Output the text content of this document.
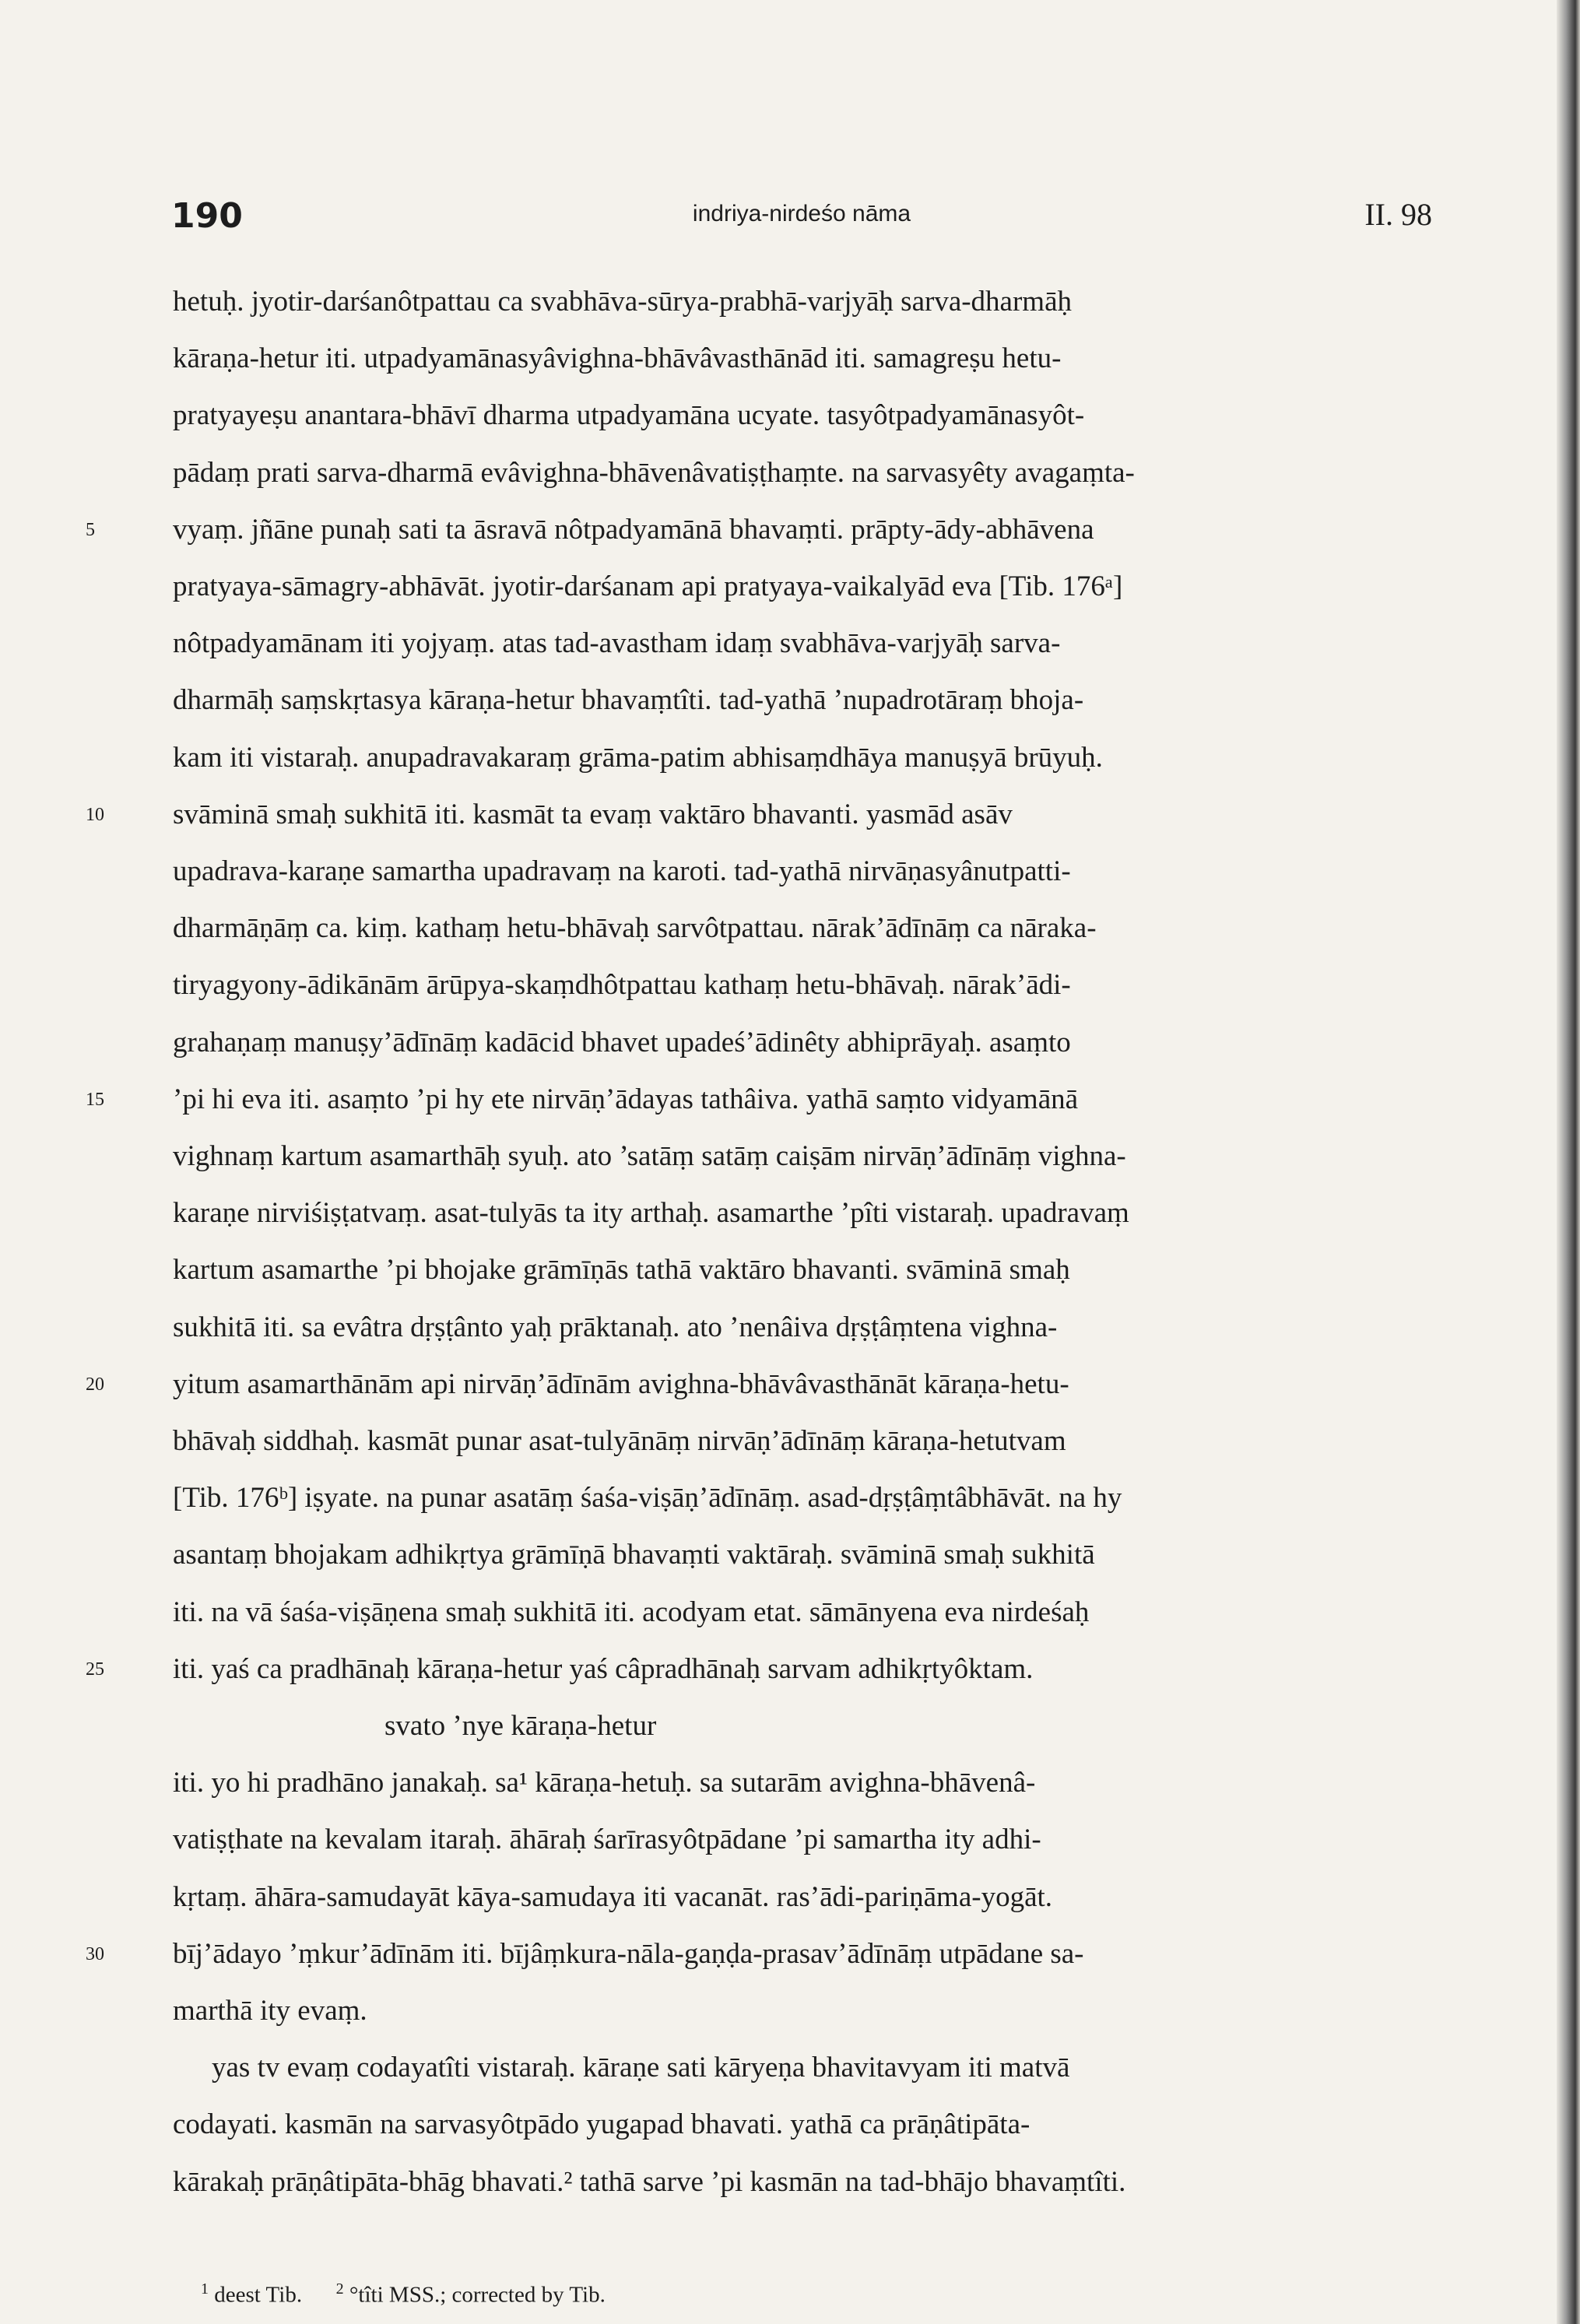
190	indriya-nirdeśo nāma	II. 98
hetuḥ. jyotir-darśanôtpattau ca svabhāva-sūrya-prabhā-varjyāḥ sarva-dharmāḥ
kāraṇa-hetur iti. utpadyamānasyâvighna-bhāvâvasthānād iti. samagreṣu hetu-
pratyayeṣu anantara-bhāvī dharma utpadyamāna ucyate. tasyôtpadyamānasyôt-
pādaṃ prati sarva-dharmā evâvighna-bhāvenâvatiṣṭhaṃte. na sarvasyêty avagaṃta-
5	vyaṃ. jñāne punaḥ sati ta āsravā nôtpadyamānā bhavaṃti. prāpty-ādy-abhāvena
pratyaya-sāmagry-abhāvāt. jyotir-darśanam api pratyaya-vaikalyād eva [Tib. 176ᵃ]
nôtpadyamānam iti yojyaṃ. atas tad-avastham idaṃ svabhāva-varjyāḥ sarva-
dharmāḥ saṃskṛtasya kāraṇa-hetur bhavaṃtîti. tad-yathā ’nupadrotāraṃ bhoja-
kam iti vistaraḥ. anupadravakaraṃ grāma-patim abhisaṃdhāya manuṣyā brūyuḥ.
10	svāminā smaḥ sukhitā iti. kasmāt ta evaṃ vaktāro bhavanti. yasmād asāv
upadrava-karaṇe samartha upadravaṃ na karoti. tad-yathā nirvāṇasyânutpatti-
dharmāṇāṃ ca. kiṃ. kathaṃ hetu-bhāvaḥ sarvôtpattau. nārak’ādīnāṃ ca nāraka-
tiryagyony-ādikānām ārūpya-skaṃdhôtpattau kathaṃ hetu-bhāvaḥ. nārak’ādi-
grahaṇaṃ manuṣy’ādīnāṃ kadācid bhavet upadeś’ādinêty abhiprāyaḥ. asaṃto
15	’pi hi eva iti. asaṃto ’pi hy ete nirvāṇ’ādayas tathâiva. yathā saṃto vidyamānā
vighnaṃ kartum asamarthāḥ syuḥ. ato ’satāṃ satāṃ caiṣām nirvāṇ’ādīnāṃ vighna-
karaṇe nirviśiṣṭatvaṃ. asat-tulyās ta ity arthaḥ. asamarthe ’pîti vistaraḥ. upadravaṃ
kartum asamarthe ’pi bhojake grāmīṇās tathā vaktāro bhavanti. svāminā smaḥ
sukhitā iti. sa evâtra dṛṣṭânto yaḥ prāktanaḥ. ato ’nenâiva dṛṣṭâṃtena vighna-
20	yitum asamarthānām api nirvāṇ’ādīnām avighna-bhāvâvasthānāt kāraṇa-hetu-
bhāvaḥ siddhaḥ. kasmāt punar asat-tulyānāṃ nirvāṇ’ādīnāṃ kāraṇa-hetutvam
[Tib. 176ᵇ] iṣyate. na punar asatāṃ śaśa-viṣāṇ’ādīnāṃ. asad-dṛṣṭâṃtâbhāvāt. na hy
asantaṃ bhojakam adhikṛtya grāmīṇā bhavaṃti vaktāraḥ. svāminā smaḥ sukhitā
iti. na vā śaśa-viṣāṇena smaḥ sukhitā iti. acodyam etat. sāmānyena eva nirdeśaḥ
25	iti. yaś ca pradhānaḥ kāraṇa-hetur yaś câpradhānaḥ sarvam adhikṛtyôktam.
svato ’nye kāraṇa-hetur
iti. yo hi pradhāno janakaḥ. sa¹ kāraṇa-hetuḥ. sa sutarām avighna-bhāvenâ-
vatiṣṭhate na kevalam itaraḥ. āhāraḥ śarīrasyôtpādane ’pi samartha ity adhi-
kṛtaṃ. āhāra-samudayāt kāya-samudaya iti vacanāt. ras’ādi-pariṇāma-yogāt.
30	bīj’ādayo ’ṃkur’ādīnām iti. bījâṃkura-nāla-gaṇḍa-prasav’ādīnāṃ utpādane sa-
marthā ity evaṃ.
yas tv evaṃ codayatîti vistaraḥ. kāraṇe sati kāryeṇa bhavitavyam iti matvā
codayati. kasmān na sarvasyôtpādo yugapad bhavati. yathā ca prāṇâtipāta-
kārakaḥ prāṇâtipāta-bhāg bhavati.² tathā sarve ’pi kasmān na tad-bhājo bhavaṃtîti.
$^1$ deest Tib. $^2$ °tîti MSS.; corrected by Tib.
